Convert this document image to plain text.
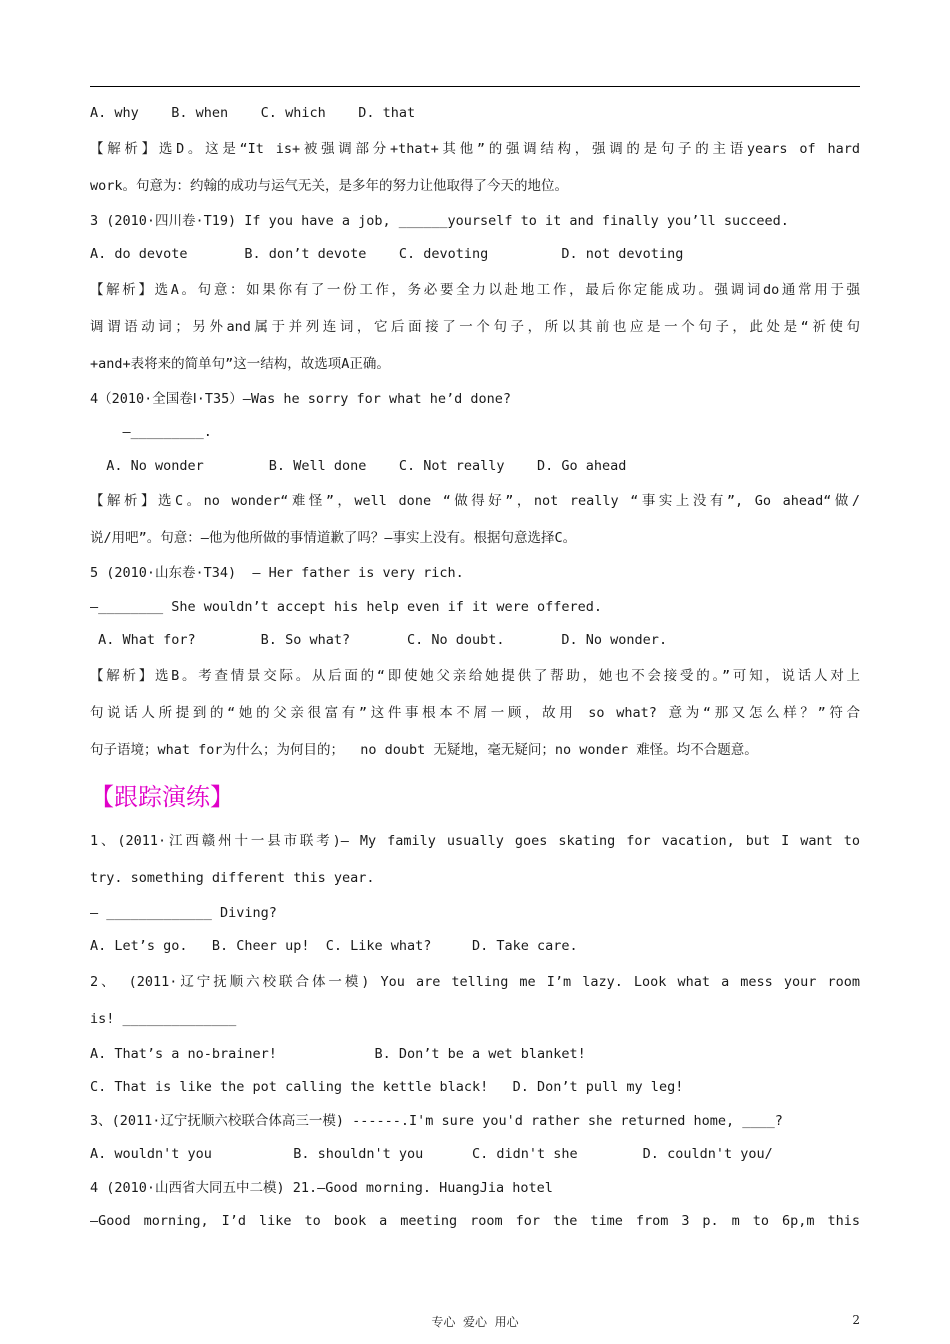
A. why    B. when    C. which    D. that
【解析】选D。这是“It is+被强调部分+that+其他”的强调结构，强调的是句子的主语years of hard
work。句意为：约翰的成功与运气无关，是多年的努力让他取得了今天的地位。
3 (2010·四川卷·T19) If you have a job, ______yourself to it and finally you’ll succeed.
A. do devote       B. don’t devote    C. devoting         D. not devoting
【解析】选A。句意：如果你有了一份工作，务必要全力以赴地工作，最后你定能成功。强调词do通常用于强
调谓语动词；另外and属于并列连词，它后面接了一个句子，所以其前也应是一个句子，此处是“祈使句
+and+表将来的简单句”这一结构，故选项A正确。
4（2010·全国卷Ⅰ·T35）—Was he sorry for what he’d done?
—_________.
A. No wonder        B. Well done    C. Not really    D. Go ahead
【解析】选C。no wonder“难怪”，well done “做得好”，not really “事实上没有”, Go ahead“做/
说/用吧”。句意：—他为他所做的事情道歉了吗？—事实上没有。根据句意选择C。
5 (2010·山东卷·T34)  — Her father is very rich.
—________ She wouldn’t accept his help even if it were offered.
A. What for?        B. So what?       C. No doubt.       D. No wonder.
【解析】选B。考查情景交际。从后面的“即使她父亲给她提供了帮助，她也不会接受的。”可知，说话人对上
句说话人所提到的“她的父亲很富有”这件事根本不屑一顾，故用 so what? 意为“那又怎么样？”符合
句子语境；what for为什么；为何目的；  no doubt 无疑地，毫无疑问；no wonder 难怪。均不合题意。
【跟踪演练】
1、(2011·江西赣州十一县市联考)— My family usually goes skating for vacation, but I want to
try. something different this year.
— _____________ Diving?
A. Let’s go.   B. Cheer up!  C. Like what?     D. Take care.
2、 (2011·辽宁抚顺六校联合体一模) You are telling me I’m lazy. Look what a mess your room
is! ______________
A. That’s a no-brainer!            B. Don’t be a wet blanket!
C. That is like the pot calling the kettle black!   D. Don’t pull my leg!
3、(2011·辽宁抚顺六校联合体高三一模) ------.I'm sure you'd rather she returned home, ____?
A. wouldn't you          B. shouldn't you      C. didn't she        D. couldn't you/
4 (2010·山西省大同五中二模) 21.—Good morning. HuangJia hotel
—Good morning, I’d like to book a meeting room for the time from 3 p. m to 6p,m this
专心  爱心  用心	2
